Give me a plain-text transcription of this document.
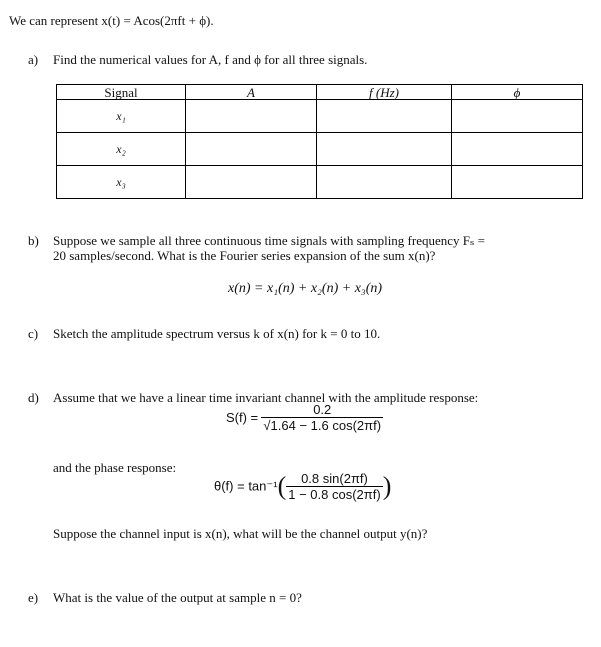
We can represent x(t) = Acos(2πft + ϕ).
a) Find the numerical values for A, f and ϕ for all three signals.
Signal	A	f (Hz)	ϕ
x₁			
x₂			
x₃			
b) Suppose we sample all three continuous time signals with sampling frequency Fₛ =
20 samples/second. What is the Fourier series expansion of the sum x(n)?
x(n) = x₁(n) + x₂(n) + x₃(n)
c) Sketch the amplitude spectrum versus k of x(n) for k = 0 to 10.
d) Assume that we have a linear time invariant channel with the amplitude response:
$S(f) = \frac{0.2}{√1.64 - 1.6 \cos(2\pi f)}$
and the phase response:
$\theta(f) = \tan^{-1}( \frac{0.8 \sin(2\pi f)}{1 - 0.8 \cos(2\pi f)}$ )
Suppose the channel input is x(n), what will be the channel output y(n)?
e) What is the value of the output at sample n = 0?
